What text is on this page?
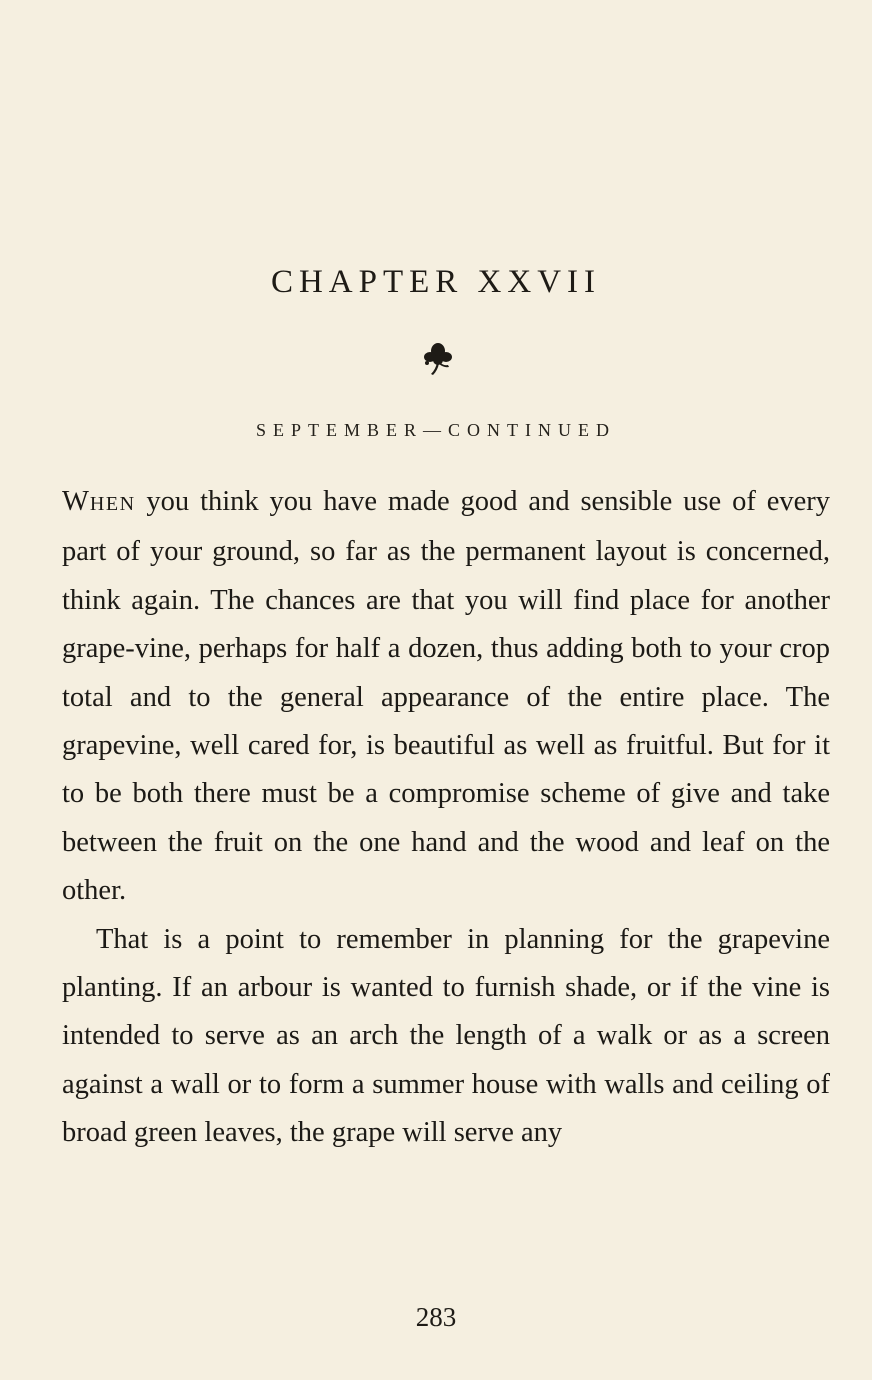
CHAPTER XXVII
SEPTEMBER—CONTINUED

WHEN you think you have made good and sensible use of every part of your ground, so far as the permanent layout is concerned, think again. The chances are that you will find place for another grape-vine, perhaps for half a dozen, thus adding both to your crop total and to the general appearance of the entire place. The grapevine, well cared for, is beautiful as well as fruitful. But for it to be both there must be a compromise scheme of give and take between the fruit on the one hand and the wood and leaf on the other.

That is a point to remember in planning for the grapevine planting. If an arbour is wanted to furnish shade, or if the vine is intended to serve as an arch the length of a walk or as a screen against a wall or to form a summer house with walls and ceiling of broad green leaves, the grape will serve any

283
